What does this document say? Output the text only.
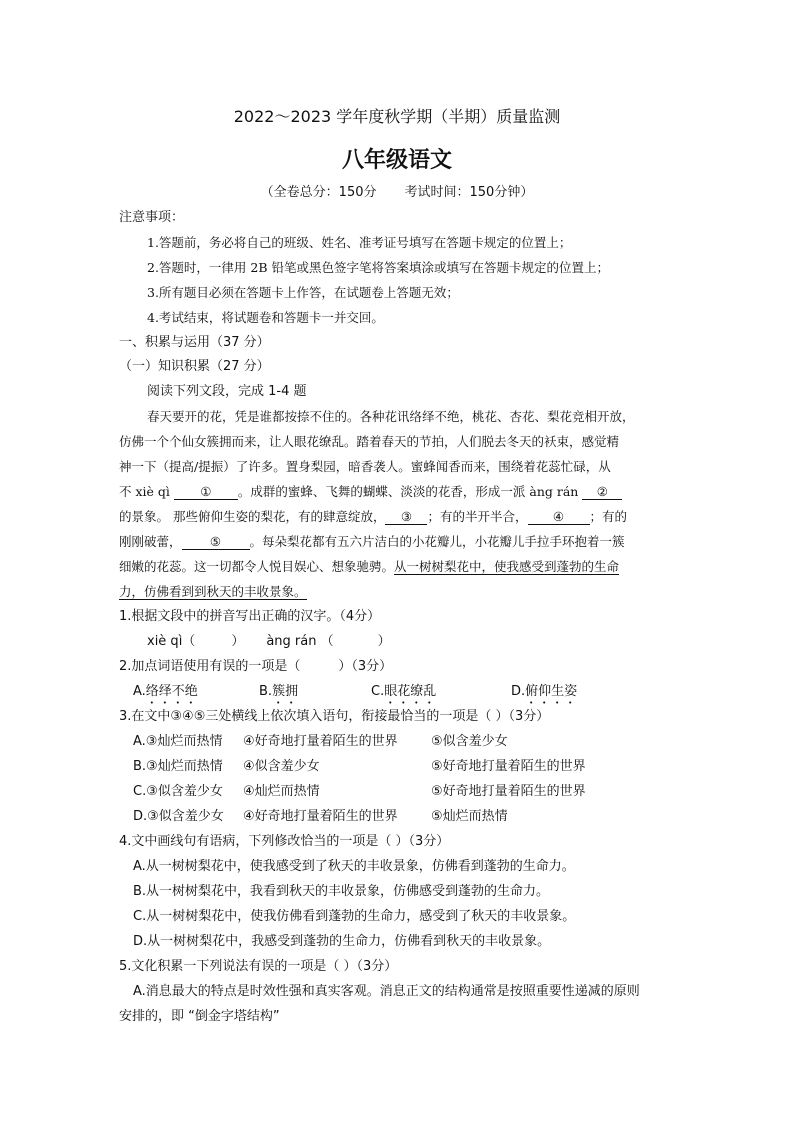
2022～2023 学年度秋学期（半期）质量监测
八年级语文
（全卷总分：150分 考试时间：150分钟）
注意事项：
1.答题前，务必将自己的班级、姓名、准考证号填写在答题卡规定的位置上；
2.答题时，一律用 2B 铅笔或黑色签字笔将答案填涂或填写在答题卡规定的位置上；
3.所有题目必须在答题卡上作答，在试题卷上答题无效；
4.考试结束，将试题卷和答题卡一并交回。
一、积累与运用（37 分）
（一）知识积累（27 分）
阅读下列文段，完成 1-4 题
春天要开的花，凭是谁都按捺不住的。各种花讯络绎不绝，桃花、杏花、梨花竞相开放，
仿佛一个个仙女簇拥而来，让人眼花缭乱。踏着春天的节拍，人们脱去冬天的袄束，感觉精
神一下（提高/提振）了许多。置身梨园，暗香袭人。蜜蜂闻香而来，围绕着花蕊忙碌，从
不 xiè qì ① 。成群的蜜蜂、飞舞的蝴蝶、淡淡的花香，形成一派 àng rán ②
的景象。 那些俯仰生姿的梨花，有的肆意绽放， ③ ；有的半开半合， ④ ；有的
刚刚破蕾， ⑤ 。每朵梨花都有五六片洁白的小花瓣儿，小花瓣儿手拉手环抱着一簇
细嫩的花蕊。这一切都令人悦目娱心、想象驰骋。从一树树梨花中，使我感受到蓬勃的生命
力，仿佛看到到秋天的丰收景象。
1.根据文段中的拼音写出正确的汉字。（4分）
xiè qì（	） àng rán （	）
2.加点词语使用有误的一项是（	）（3分）
A.络绎不绝	B.簇拥	C.眼花缭乱	D.俯仰生姿
3.在文中③④⑤三处横线上依次填入语句，衔接最恰当的一项是（ ）（3分）
A.③灿烂而热情 ④好奇地打量着陌生的世界	⑤似含羞少女
B.③灿烂而热情 ④似含羞少女	⑤好奇地打量着陌生的世界
C.③似含羞少女 ④灿烂而热情	⑤好奇地打量着陌生的世界
D.③似含羞少女 ④好奇地打量着陌生的世界	⑤灿烂而热情
4.文中画线句有语病，下列修改恰当的一项是（ ）（3分）
A.从一树树梨花中，使我感受到了秋天的丰收景象，仿佛看到蓬勃的生命力。
B.从一树树梨花中，我看到秋天的丰收景象，仿佛感受到蓬勃的生命力。
C.从一树树梨花中，使我仿佛看到蓬勃的生命力，感受到了秋天的丰收景象。
D.从一树树梨花中，我感受到蓬勃的生命力，仿佛看到秋天的丰收景象。
5.文化积累一下列说法有误的一项是（ ）（3分）
A.消息最大的特点是时效性强和真实客观。消息正文的结构通常是按照重要性递减的原则
安排的，即 “倒金字塔结构”
